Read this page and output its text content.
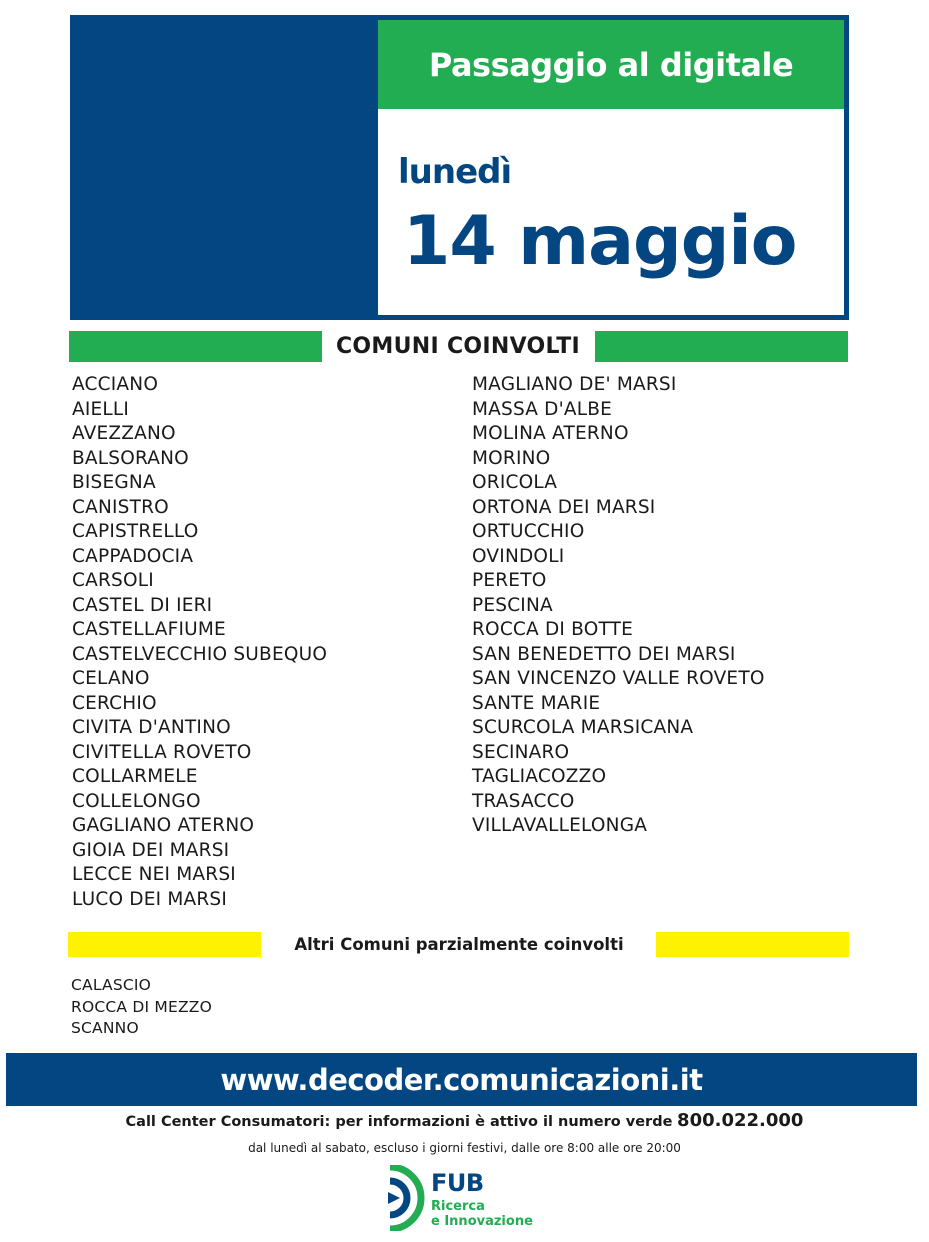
Passaggio al digitale
lunedì
14 maggio
COMUNI COINVOLTI
ACCIANO
AIELLI
AVEZZANO
BALSORANO
BISEGNA
CANISTRO
CAPISTRELLO
CAPPADOCIA
CARSOLI
CASTEL DI IERI
CASTELLAFIUME
CASTELVECCHIO SUBEQUO
CELANO
CERCHIO
CIVITA D'ANTINO
CIVITELLA ROVETO
COLLARMELE
COLLELONGO
GAGLIANO ATERNO
GIOIA DEI MARSI
LECCE NEI MARSI
LUCO DEI MARSI
MAGLIANO DE' MARSI
MASSA D'ALBE
MOLINA ATERNO
MORINO
ORICOLA
ORTONA DEI MARSI
ORTUCCHIO
OVINDOLI
PERETO
PESCINA
ROCCA DI BOTTE
SAN BENEDETTO DEI MARSI
SAN VINCENZO VALLE ROVETO
SANTE MARIE
SCURCOLA MARSICANA
SECINARO
TAGLIACOZZO
TRASACCO
VILLAVALLELONGA
Altri Comuni parzialmente coinvolti
CALASCIO
ROCCA DI MEZZO
SCANNO
www.decoder.comunicazioni.it
Call Center Consumatori: per informazioni è attivo il numero verde 800.022.000
dal lunedì al sabato, escluso i giorni festivi, dalle ore 8:00 alle ore 20:00
FUB
Ricerca
e Innovazione
